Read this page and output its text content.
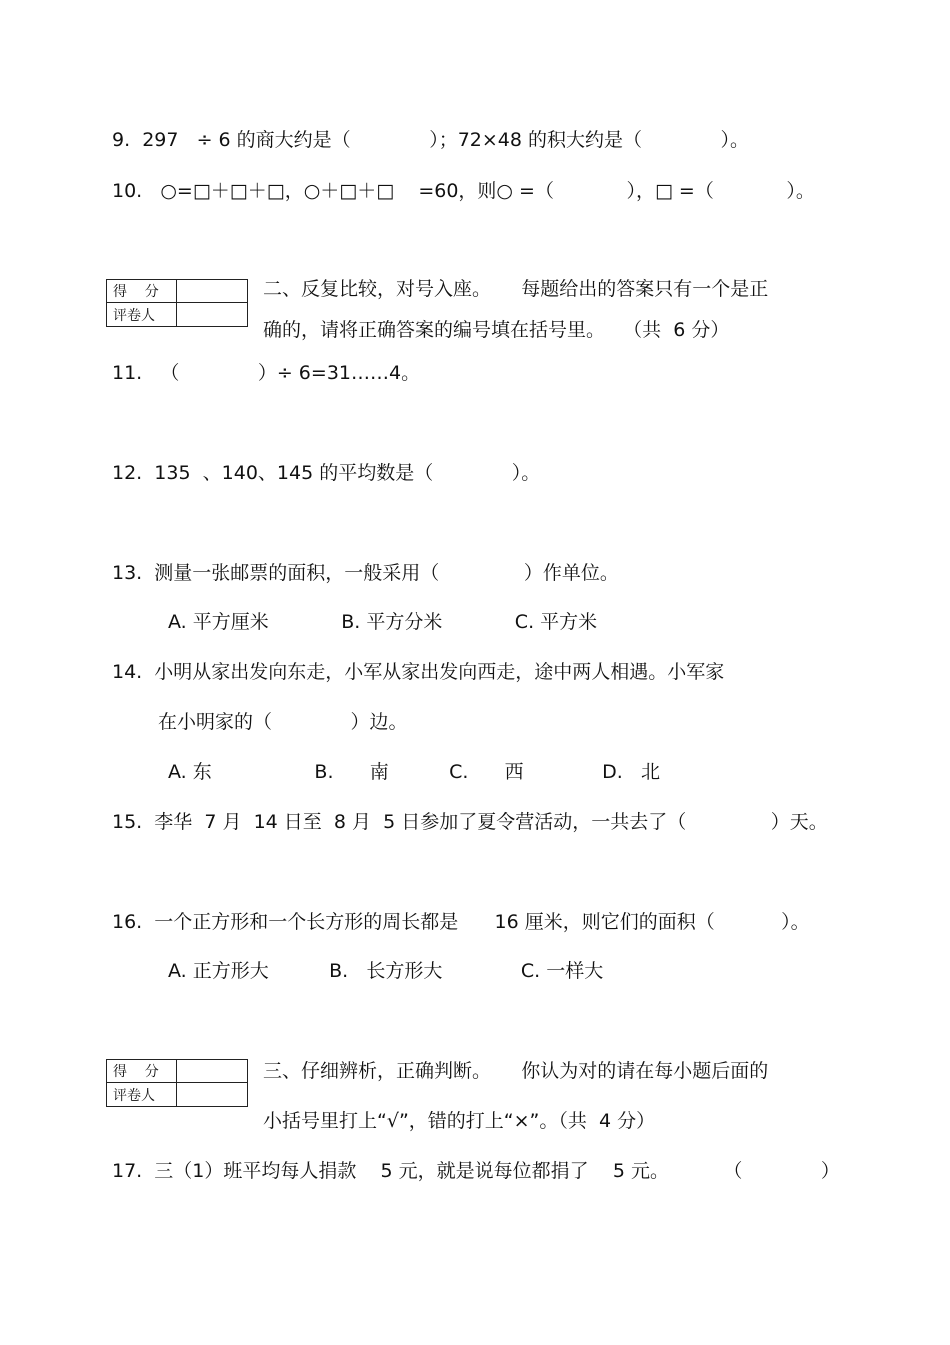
9.  297   ÷ 6 的商大约是（             ）；72×48 的积大约是（             ）。
10.   ○=□＋□＋□，○＋□＋□    =60，则○ =（            ），□ =（            ）。
得    分
评卷人
二、反复比较，对号入座。     每题给出的答案只有一个是正
确的，请将正确答案的编号填在括号里。   （共  6 分）
11.   （             ）÷ 6=31……4。
12.  135  、140、145 的平均数是（             ）。
13.  测量一张邮票的面积，一般采用（              ）作单位。
A. 平方厘米            B. 平方分米            C. 平方米
14.  小明从家出发向东走，小军从家出发向西走，途中两人相遇。小军家
在小明家的（             ）边。
A. 东                 B.      南          C.      西             D.   北
15.  李华  7 月  14 日至  8 月  5 日参加了夏令营活动，一共去了（              ）天。
16.  一个正方形和一个长方形的周长都是      16 厘米，则它们的面积（           ）。
A. 正方形大          B.   长方形大             C. 一样大
得    分
评卷人
三、仔细辨析，正确判断。     你认为对的请在每小题后面的
小括号里打上“√”，错的打上“×”。（共  4 分）
17.  三（1）班平均每人捐款    5 元，就是说每位都捐了    5 元。         （             ）
